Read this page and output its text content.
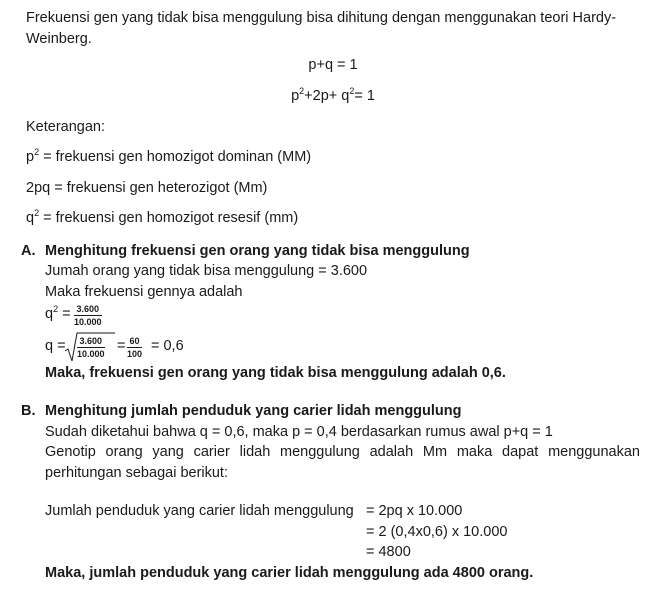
Frekuensi gen yang tidak bisa menggulung bisa dihitung dengan menggunakan teori Hardy-Weinberg.
p+q = 1
$p^2+2p+ q^2= 1$
Keterangan:
$p^2$ = frekuensi gen homozigot dominan (MM)
2pq = frekuensi gen heterozigot (Mm)
$q^2$ = frekuensi gen homozigot resesif (mm)
A. Menghitung frekuensi gen orang yang tidak bisa menggulung
Jumah orang yang tidak bisa menggulung = 3.600
Maka frekuensi gennya adalah
$q^2 = \frac{3.600}{10.000}$
$q = \frac{3.600}{10.000} = \frac{60}{100} = 0,6$
Maka, frekuensi gen orang yang tidak bisa menggulung adalah 0,6.
B. Menghitung jumlah penduduk yang carier lidah menggulung
Sudah diketahui bahwa q = 0,6, maka p = 0,4 berdasarkan rumus awal p+q = 1
Genotip orang yang carier lidah menggulung adalah Mm maka dapat menggunakan perhitungan sebagai berikut:
Jumlah penduduk yang carier lidah menggulung = 2pq x 10.000
= 2 (0,4x0,6) x 10.000
= 4800
Maka, jumlah penduduk yang carier lidah menggulung ada 4800 orang.
